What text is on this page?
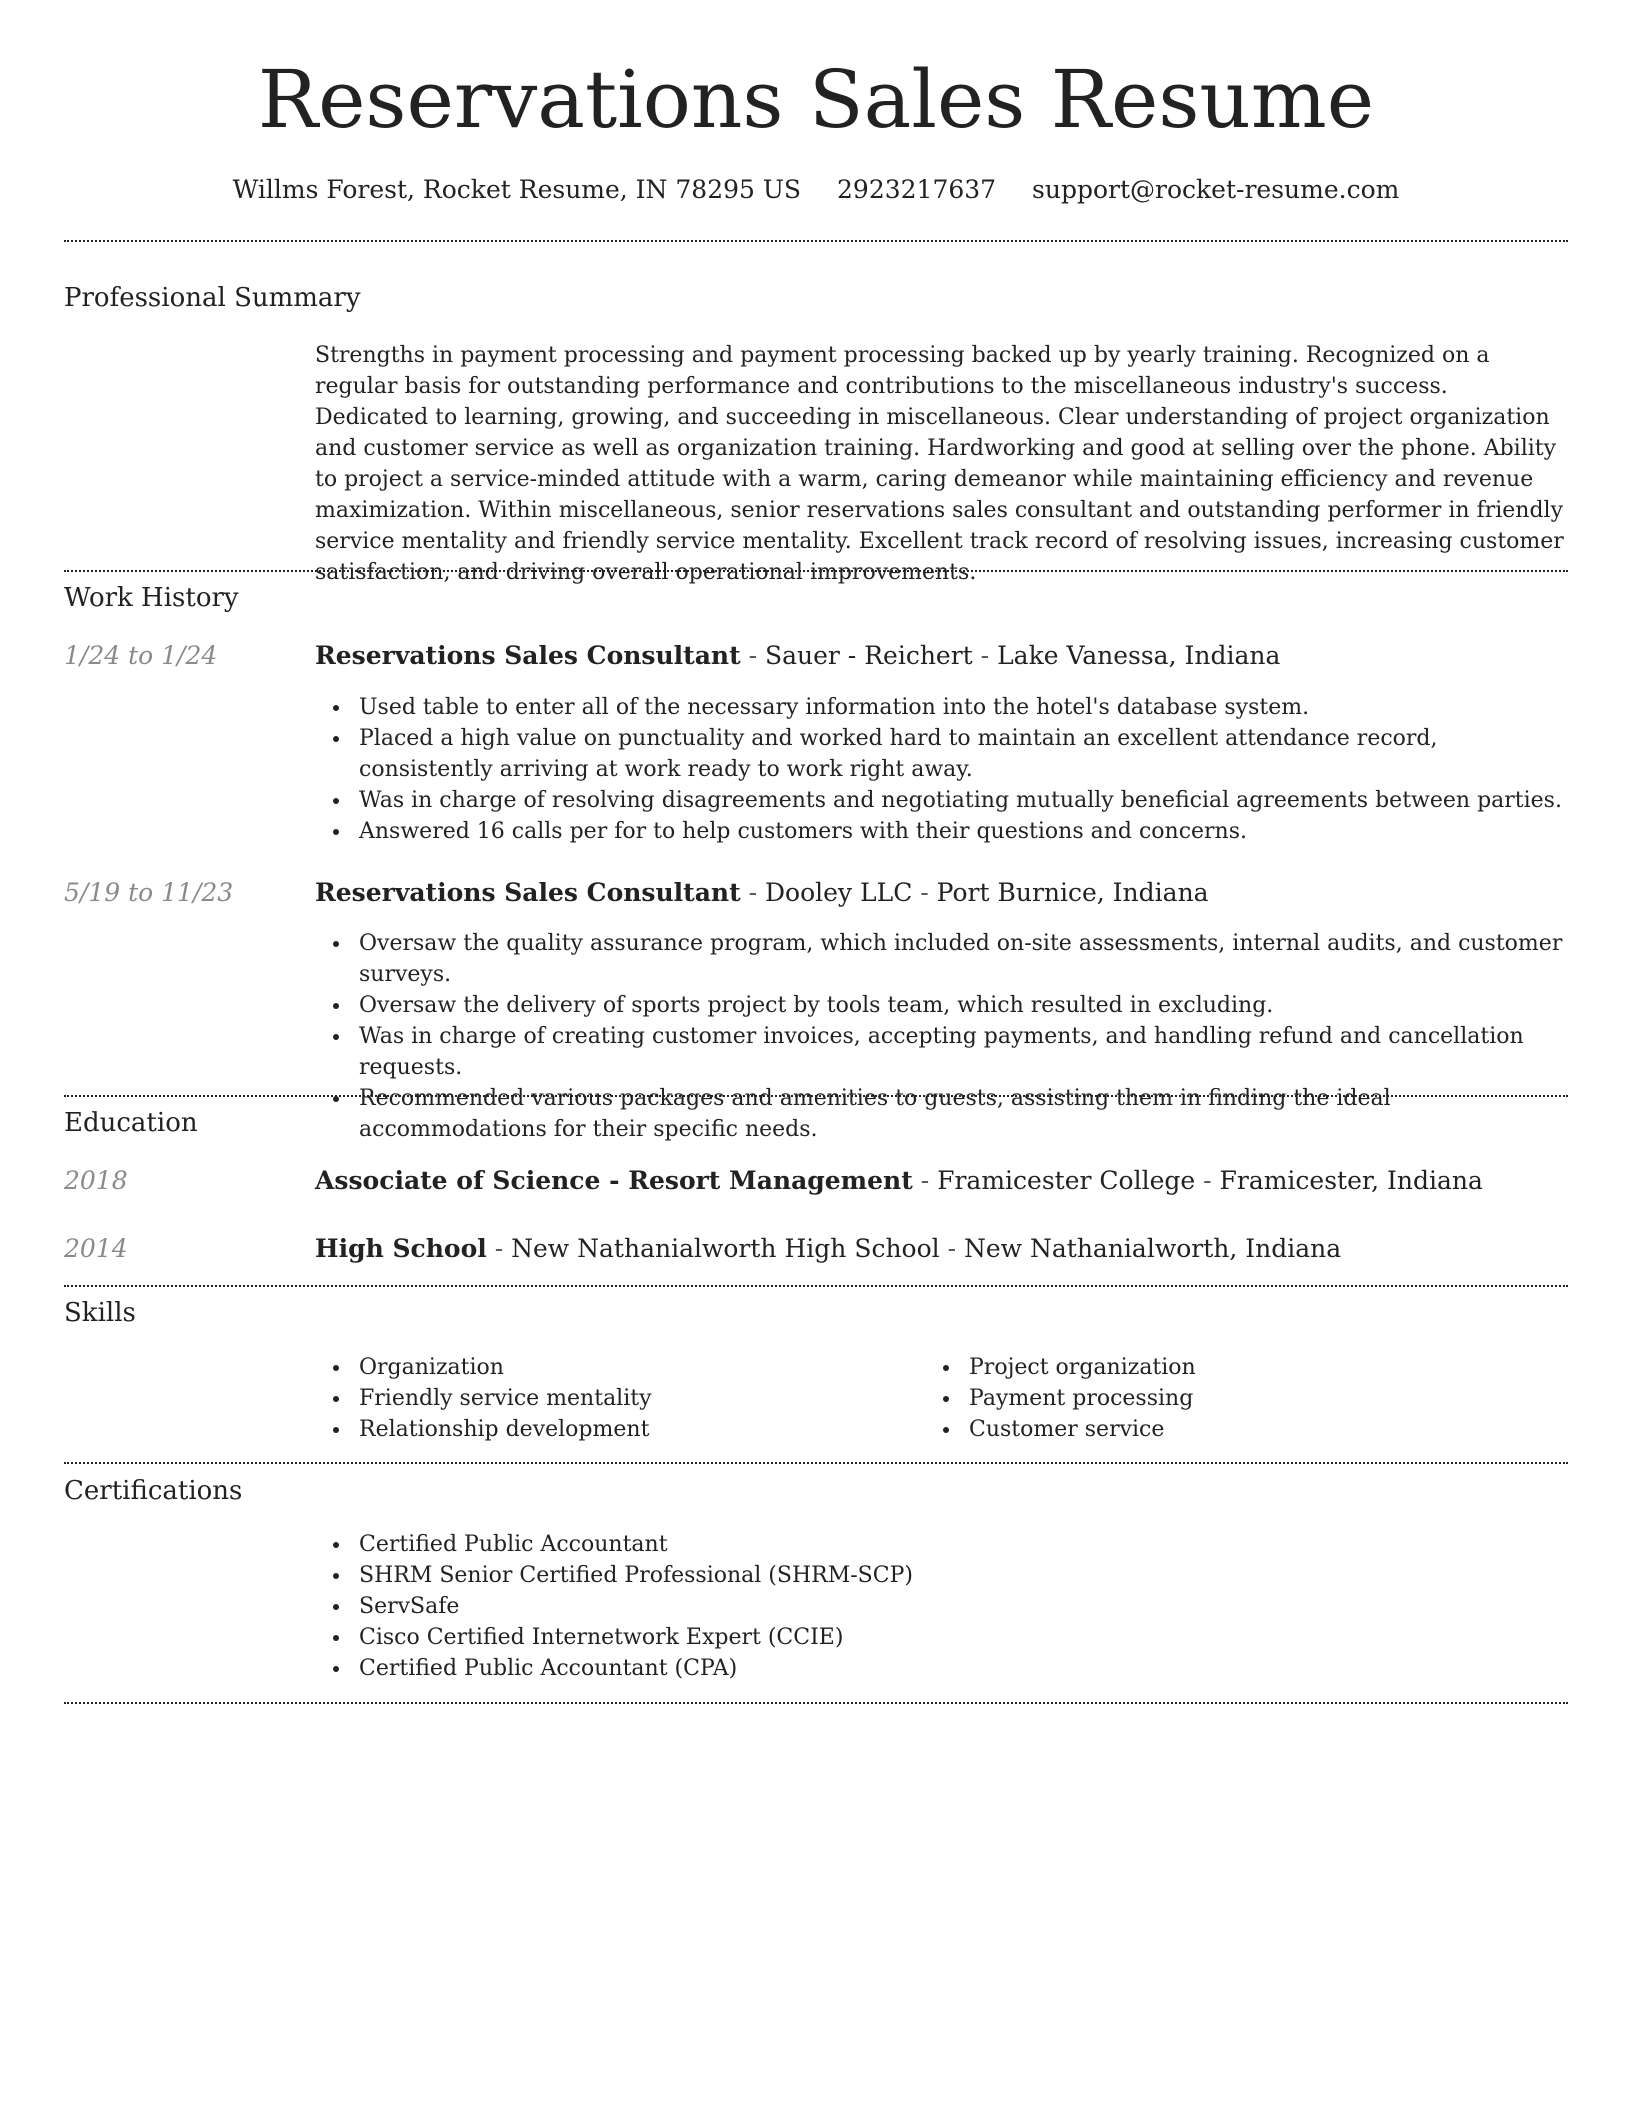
Reservations Sales Resume
Willms Forest, Rocket Resume, IN 78295 US 2923217637 support@rocket-resume.com
Professional Summary
Strengths in payment processing and payment processing backed up by yearly training. Recognized on a regular basis for outstanding performance and contributions to the miscellaneous industry's success. Dedicated to learning, growing, and succeeding in miscellaneous. Clear understanding of project organization and customer service as well as organization training. Hardworking and good at selling over the phone. Ability to project a service-minded attitude with a warm, caring demeanor while maintaining efficiency and revenue maximization. Within miscellaneous, senior reservations sales consultant and outstanding performer in friendly service mentality and friendly service mentality. Excellent track record of resolving issues, increasing customer satisfaction, and driving overall operational improvements.
Work History
1/24 to 1/24	Reservations Sales Consultant - Sauer - Reichert - Lake Vanessa, Indiana
Used table to enter all of the necessary information into the hotel's database system.
Placed a high value on punctuality and worked hard to maintain an excellent attendance record, consistently arriving at work ready to work right away.
Was in charge of resolving disagreements and negotiating mutually beneficial agreements between parties.
Answered 16 calls per for to help customers with their questions and concerns.
5/19 to 11/23	Reservations Sales Consultant - Dooley LLC - Port Burnice, Indiana
Oversaw the quality assurance program, which included on-site assessments, internal audits, and customer surveys.
Oversaw the delivery of sports project by tools team, which resulted in excluding.
Was in charge of creating customer invoices, accepting payments, and handling refund and cancellation requests.
Recommended various packages and amenities to guests, assisting them in finding the ideal accommodations for their specific needs.
Education
2018	Associate of Science - Resort Management - Framicester College - Framicester, Indiana
2014	High School - New Nathanialworth High School - New Nathanialworth, Indiana
Skills
Organization
Friendly service mentality
Relationship development
Project organization
Payment processing
Customer service
Certifications
Certified Public Accountant
SHRM Senior Certified Professional (SHRM-SCP)
ServSafe
Cisco Certified Internetwork Expert (CCIE)
Certified Public Accountant (CPA)
